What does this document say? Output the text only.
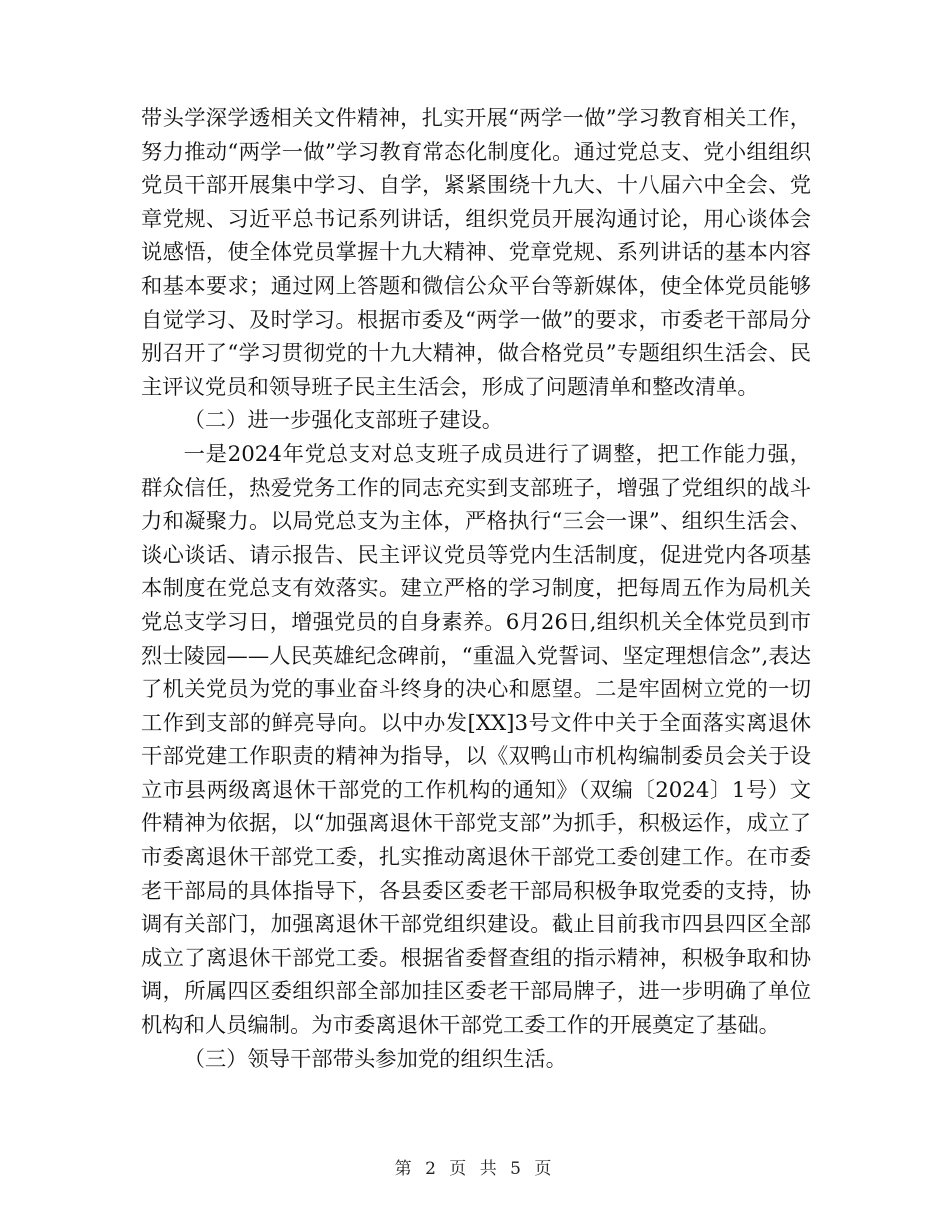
带头学深学透相关文件精神，扎实开展“两学一做”学习教育相关工作，努力推动“两学一做”学习教育常态化制度化。通过党总支、党小组组织党员干部开展集中学习、自学，紧紧围绕十九大、十八届六中全会、党章党规、习近平总书记系列讲话，组织党员开展沟通讨论，用心谈体会说感悟，使全体党员掌握十九大精神、党章党规、系列讲话的基本内容和基本要求；通过网上答题和微信公众平台等新媒体，使全体党员能够自觉学习、及时学习。根据市委及“两学一做”的要求，市委老干部局分别召开了“学习贯彻党的十九大精神，做合格党员”专题组织生活会、民主评议党员和领导班子民主生活会，形成了问题清单和整改清单。

（二）进一步强化支部班子建设。

一是2024年党总支对总支班子成员进行了调整，把工作能力强，群众信任，热爱党务工作的同志充实到支部班子，增强了党组织的战斗力和凝聚力。以局党总支为主体，严格执行“三会一课”、组织生活会、谈心谈话、请示报告、民主评议党员等党内生活制度，促进党内各项基本制度在党总支有效落实。建立严格的学习制度，把每周五作为局机关党总支学习日，增强党员的自身素养。6月26日,组织机关全体党员到市烈士陵园——人民英雄纪念碑前，“重温入党誓词、坚定理想信念”,表达了机关党员为党的事业奋斗终身的决心和愿望。二是牢固树立党的一切工作到支部的鲜亮导向。以中办发[XX]3号文件中关于全面落实离退休干部党建工作职责的精神为指导，以《双鸭山市机构编制委员会关于设立市县两级离退休干部党的工作机构的通知》（双编〔2024〕1号）文件精神为依据，以“加强离退休干部党支部”为抓手，积极运作，成立了市委离退休干部党工委，扎实推动离退休干部党工委创建工作。在市委老干部局的具体指导下，各县委区委老干部局积极争取党委的支持，协调有关部门，加强离退休干部党组织建设。截止目前我市四县四区全部成立了离退休干部党工委。根据省委督查组的指示精神，积极争取和协调，所属四区委组织部全部加挂区委老干部局牌子，进一步明确了单位机构和人员编制。为市委离退休干部党工委工作的开展奠定了基础。

（三）领导干部带头参加党的组织生活。

第 2 页 共 5 页
